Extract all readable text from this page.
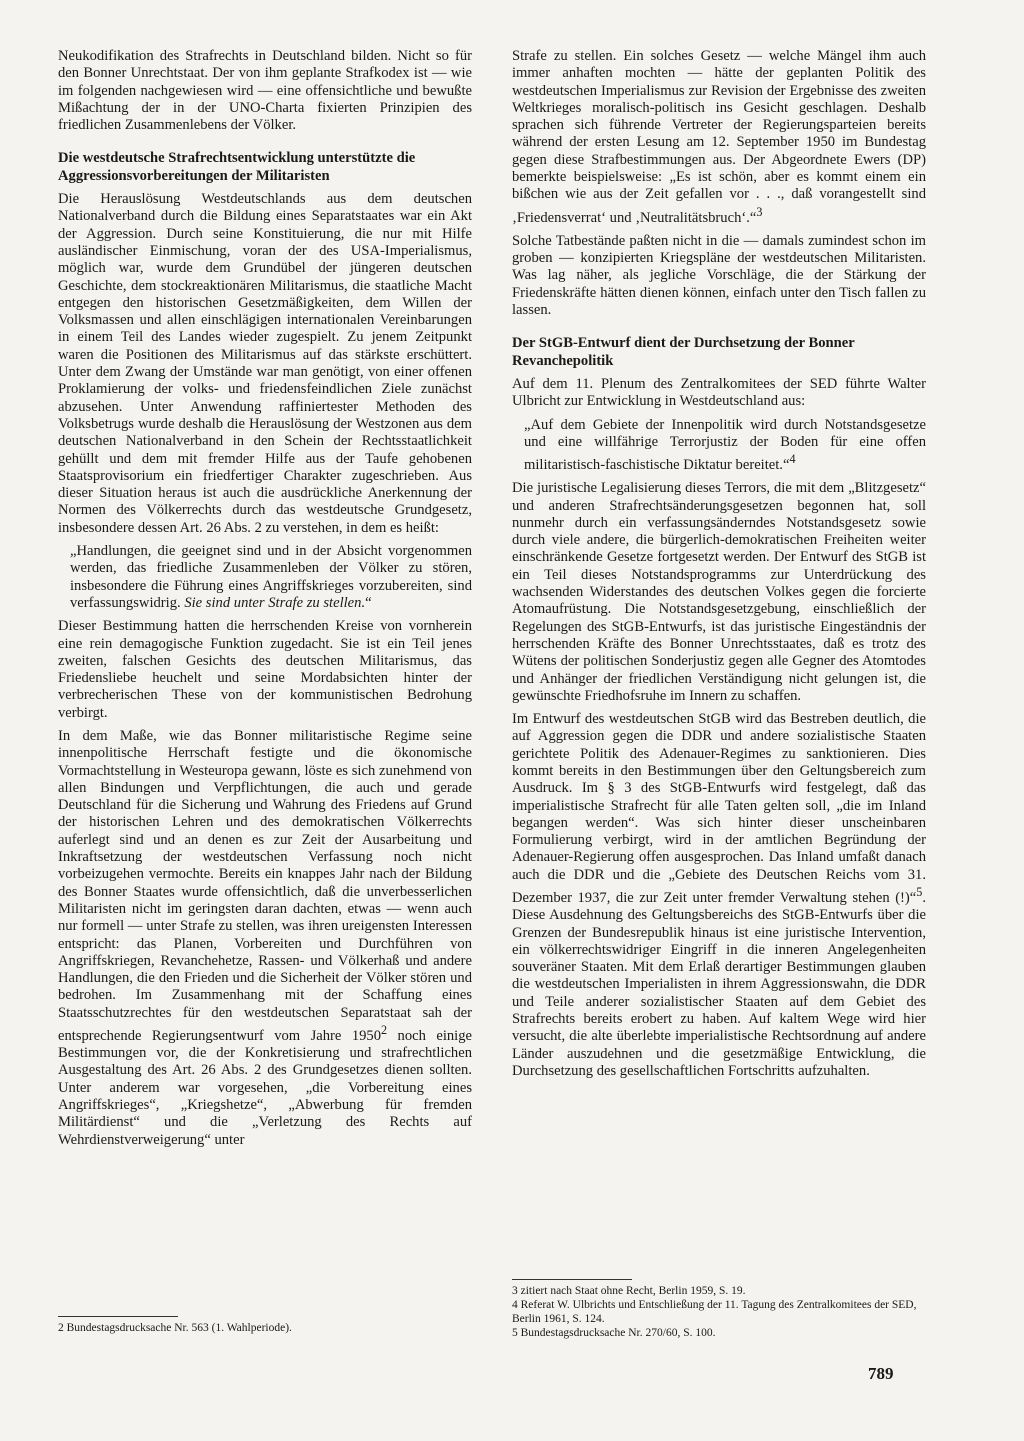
Neukodifikation des Strafrechts in Deutschland bilden. Nicht so für den Bonner Unrechtstaat. Der von ihm geplante Strafkodex ist — wie im folgenden nachgewiesen wird — eine offensichtliche und bewußte Mißachtung der in der UNO-Charta fixierten Prinzipien des friedlichen Zusammenlebens der Völker.

Die westdeutsche Strafrechtsentwicklung unterstützte die Aggressionsvorbereitungen der Militaristen

Die Herauslösung Westdeutschlands aus dem deutschen Nationalverband durch die Bildung eines Separatstaates war ein Akt der Aggression. Durch seine Konstituierung, die nur mit Hilfe ausländischer Einmischung, voran der des USA-Imperialismus, möglich war, wurde dem Grundübel der jüngeren deutschen Geschichte, dem stockreaktionären Militarismus, die staatliche Macht entgegen den historischen Gesetzmäßigkeiten, dem Willen der Volksmassen und allen einschlägigen internationalen Vereinbarungen in einem Teil des Landes wieder zugespielt. Zu jenem Zeitpunkt waren die Positionen des Militarismus auf das stärkste erschüttert. Unter dem Zwang der Umstände war man genötigt, von einer offenen Proklamierung der volks- und friedensfeindlichen Ziele zunächst abzusehen. Unter Anwendung raffiniertester Methoden des Volksbetrugs wurde deshalb die Herauslösung der Westzonen aus dem deutschen Nationalverband in den Schein der Rechtsstaatlichkeit gehüllt und dem mit fremder Hilfe aus der Taufe gehobenen Staatsprovisorium ein friedfertiger Charakter zugeschrieben. Aus dieser Situation heraus ist auch die ausdrückliche Anerkennung der Normen des Völkerrechts durch das westdeutsche Grundgesetz, insbesondere dessen Art. 26 Abs. 2 zu verstehen, in dem es heißt:

„Handlungen, die geeignet sind und in der Absicht vorgenommen werden, das friedliche Zusammenleben der Völker zu stören, insbesondere die Führung eines Angriffskrieges vorzubereiten, sind verfassungswidrig. Sie sind unter Strafe zu stellen.“

Dieser Bestimmung hatten die herrschenden Kreise von vornherein eine rein demagogische Funktion zugedacht. Sie ist ein Teil jenes zweiten, falschen Gesichts des deutschen Militarismus, das Friedensliebe heuchelt und seine Mordabsichten hinter der verbrecherischen These von der kommunistischen Bedrohung verbirgt.

In dem Maße, wie das Bonner militaristische Regime seine innenpolitische Herrschaft festigte und die ökonomische Vormachtstellung in Westeuropa gewann, löste es sich zunehmend von allen Bindungen und Verpflichtungen, die auch und gerade Deutschland für die Sicherung und Wahrung des Friedens auf Grund der historischen Lehren und des demokratischen Völkerrechts auferlegt sind und an denen es zur Zeit der Ausarbeitung und Inkraftsetzung der westdeutschen Verfassung noch nicht vorbeizugehen vermochte. Bereits ein knappes Jahr nach der Bildung des Bonner Staates wurde offensichtlich, daß die unverbesserlichen Militaristen nicht im geringsten daran dachten, etwas — wenn auch nur formell — unter Strafe zu stellen, was ihren ureigensten Interessen entspricht: das Planen, Vorbereiten und Durchführen von Angriffskriegen, Revanchehetze, Rassen- und Völkerhaß und andere Handlungen, die den Frieden und die Sicherheit der Völker stören und bedrohen. Im Zusammenhang mit der Schaffung eines Staatsschutzrechtes für den westdeutschen Separatstaat sah der entsprechende Regierungsentwurf vom Jahre 1950$^2$ noch einige Bestimmungen vor, die der Konkretisierung und strafrechtlichen Ausgestaltung des Art. 26 Abs. 2 des Grundgesetzes dienen sollten. Unter anderem war vorgesehen, „die Vorbereitung eines Angriffskrieges“, „Kriegshetze“, „Abwerbung für fremden Militärdienst“ und die „Verletzung des Rechts auf Wehrdienstverweigerung“ unter

Strafe zu stellen. Ein solches Gesetz — welche Mängel ihm auch immer anhaften mochten — hätte der geplanten Politik des westdeutschen Imperialismus zur Revision der Ergebnisse des zweiten Weltkrieges moralisch-politisch ins Gesicht geschlagen. Deshalb sprachen sich führende Vertreter der Regierungsparteien bereits während der ersten Lesung am 12. September 1950 im Bundestag gegen diese Strafbestimmungen aus. Der Abgeordnete Ewers (DP) bemerkte beispielsweise: „Es ist schön, aber es kommt einem ein bißchen wie aus der Zeit gefallen vor . . ., daß vorangestellt sind ‚Friedensverrat‘ und ‚Neutralitätsbruch‘.“$^3$

Solche Tatbestände paßten nicht in die — damals zumindest schon im groben — konzipierten Kriegspläne der westdeutschen Militaristen. Was lag näher, als jegliche Vorschläge, die der Stärkung der Friedenskräfte hätten dienen können, einfach unter den Tisch fallen zu lassen.

Der StGB-Entwurf dient der Durchsetzung der Bonner Revanchepolitik

Auf dem 11. Plenum des Zentralkomitees der SED führte Walter Ulbricht zur Entwicklung in Westdeutschland aus:

„Auf dem Gebiete der Innenpolitik wird durch Notstandsgesetze und eine willfährige Terrorjustiz der Boden für eine offen militaristisch-faschistische Diktatur bereitet.“$^4$

Die juristische Legalisierung dieses Terrors, die mit dem „Blitzgesetz“ und anderen Strafrechtsänderungsgesetzen begonnen hat, soll nunmehr durch ein verfassungsänderndes Notstandsgesetz sowie durch viele andere, die bürgerlich-demokratischen Freiheiten weiter einschränkende Gesetze fortgesetzt werden. Der Entwurf des StGB ist ein Teil dieses Notstandsprogramms zur Unterdrückung des wachsenden Widerstandes des deutschen Volkes gegen die forcierte Atomaufrüstung. Die Notstandsgesetzgebung, einschließlich der Regelungen des StGB-Entwurfs, ist das juristische Eingeständnis der herrschenden Kräfte des Bonner Unrechtsstaates, daß es trotz des Wütens der politischen Sonderjustiz gegen alle Gegner des Atomtodes und Anhänger der friedlichen Verständigung nicht gelungen ist, die gewünschte Friedhofsruhe im Innern zu schaffen.

Im Entwurf des westdeutschen StGB wird das Bestreben deutlich, die auf Aggression gegen die DDR und andere sozialistische Staaten gerichtete Politik des Adenauer-Regimes zu sanktionieren. Dies kommt bereits in den Bestimmungen über den Geltungsbereich zum Ausdruck. Im § 3 des StGB-Entwurfs wird festgelegt, daß das imperialistische Strafrecht für alle Taten gelten soll, „die im Inland begangen werden“. Was sich hinter dieser unscheinbaren Formulierung verbirgt, wird in der amtlichen Begründung der Adenauer-Regierung offen ausgesprochen. Das Inland umfaßt danach auch die DDR und die „Gebiete des Deutschen Reichs vom 31. Dezember 1937, die zur Zeit unter fremder Verwaltung stehen (!)“$^5$. Diese Ausdehnung des Geltungsbereichs des StGB-Entwurfs über die Grenzen der Bundesrepublik hinaus ist eine juristische Intervention, ein völkerrechtswidriger Eingriff in die inneren Angelegenheiten souveräner Staaten. Mit dem Erlaß derartiger Bestimmungen glauben die westdeutschen Imperialisten in ihrem Aggressionswahn, die DDR und Teile anderer sozialistischer Staaten auf dem Gebiet des Strafrechts bereits erobert zu haben. Auf kaltem Wege wird hier versucht, die alte überlebte imperialistische Rechtsordnung auf andere Länder auszudehnen und die gesetzmäßige Entwicklung, die Durchsetzung des gesellschaftlichen Fortschritts aufzuhalten.

2 Bundestagsdrucksache Nr. 563 (1. Wahlperiode).

3 zitiert nach Staat ohne Recht, Berlin 1959, S. 19.

4 Referat W. Ulbrichts und Entschließung der 11. Tagung des Zentralkomitees der SED, Berlin 1961, S. 124.

5 Bundestagsdrucksache Nr. 270/60, S. 100.

789
